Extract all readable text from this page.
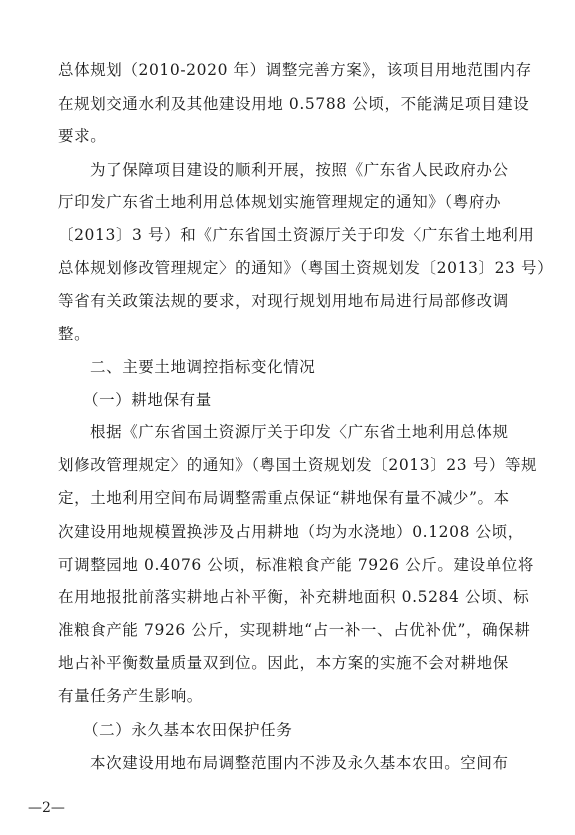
总体规划（2010-2020 年）调整完善方案》，该项目用地范围内存
在规划交通水利及其他建设用地 0.5788 公顷，不能满足项目建设
要求。
为了保障项目建设的顺利开展，按照《广东省人民政府办公
厅印发广东省土地利用总体规划实施管理规定的通知》（粤府办
〔2013〕3 号）和《广东省国土资源厅关于印发〈广东省土地利用
总体规划修改管理规定〉的通知》（粤国土资规划发〔2013〕23 号）
等省有关政策法规的要求，对现行规划用地布局进行局部修改调
整。
二、主要土地调控指标变化情况
（一）耕地保有量
根据《广东省国土资源厅关于印发〈广东省土地利用总体规
划修改管理规定〉的通知》（粤国土资规划发〔2013〕23 号）等规
定，土地利用空间布局调整需重点保证“耕地保有量不减少”。本
次建设用地规模置换涉及占用耕地（均为水浇地）0.1208 公顷，
可调整园地 0.4076 公顷，标准粮食产能 7926 公斤。建设单位将
在用地报批前落实耕地占补平衡，补充耕地面积 0.5284 公顷、标
准粮食产能 7926 公斤，实现耕地“占一补一、占优补优”，确保耕
地占补平衡数量质量双到位。因此，本方案的实施不会对耕地保
有量任务产生影响。
（二）永久基本农田保护任务
本次建设用地布局调整范围内不涉及永久基本农田。空间布
—2—
